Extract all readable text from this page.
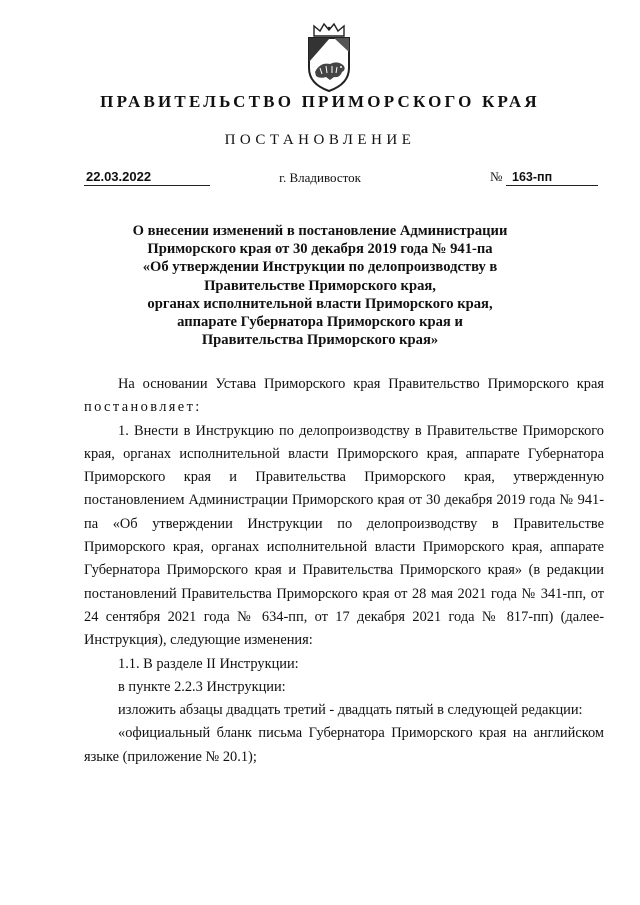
ПРАВИТЕЛЬСТВО ПРИМОРСКОГО КРАЯ
ПОСТАНОВЛЕНИЕ
22.03.2022	г. Владивосток	№ 163-пп
О внесении изменений в постановление Администрации
Приморского края от 30 декабря 2019 года № 941-па
«Об утверждении Инструкции по делопроизводству в
Правительстве Приморского края,
органах исполнительной власти Приморского края,
аппарате Губернатора Приморского края и
Правительства Приморского края»

На основании Устава Приморского края Правительство Приморского края постановляет:

1. Внести в Инструкцию по делопроизводству в Правительстве Приморского края, органах исполнительной власти Приморского края, аппарате Губернатора Приморского края и Правительства Приморского края, утвержденную постановлением Администрации Приморского края от 30 декабря 2019 года № 941-па «Об утверждении Инструкции по делопроизводству в Правительстве Приморского края, органах исполнительной власти Приморского края, аппарате Губернатора Приморского края и Правительства Приморского края» (в редакции постановлений Правительства Приморского края от 28 мая 2021 года № 341-пп, от 24 сентября 2021 года № 634-пп, от 17 декабря 2021 года № 817-пп) (далее- Инструкция), следующие изменения:

1.1. В разделе II Инструкции:

в пункте 2.2.3 Инструкции:

изложить абзацы двадцать третий - двадцать пятый в следующей редакции:

«официальный бланк письма Губернатора Приморского края на английском языке (приложение № 20.1);
